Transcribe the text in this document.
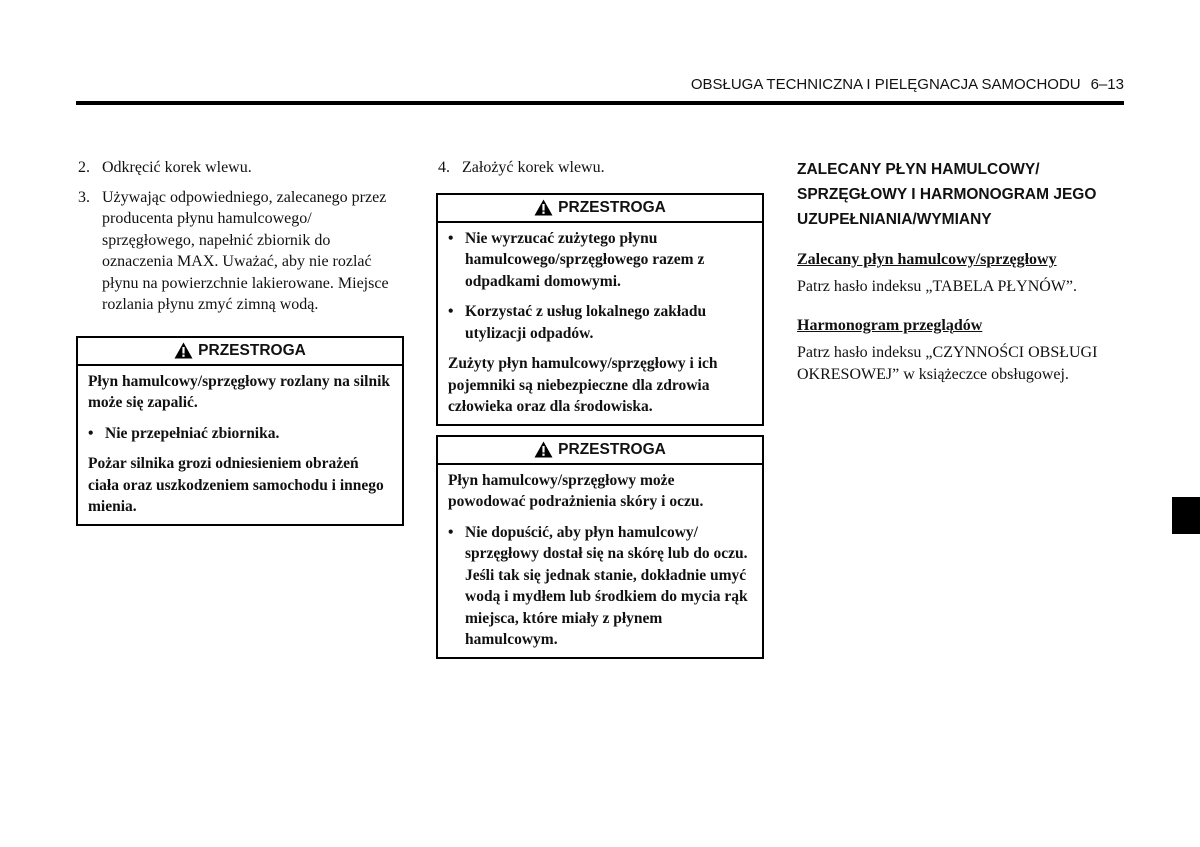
OBSŁUGA TECHNICZNA I PIELĘGNACJA SAMOCHODU 6–13
2. Odkręcić korek wlewu.
3. Używając odpowiedniego, zalecanego przez producenta płynu hamulcowego/ sprzęgłowego, napełnić zbiornik do oznaczenia MAX. Uważać, aby nie rozlać płynu na powierzchnie lakierowane. Miejsce rozlania płynu zmyć zimną wodą.
PRZESTROGA

Płyn hamulcowy/sprzęgłowy rozlany na silnik może się zapalić.

• Nie przepełniać zbiornika.

Pożar silnika grozi odniesieniem obrażeń ciała oraz uszkodzeniem samochodu i innego mienia.

4. Założyć korek wlewu.
PRZESTROGA
• Nie wyrzucać zużytego płynu hamulcowego/sprzęgłowego razem z odpadkami domowymi.
• Korzystać z usług lokalnego zakładu utylizacji odpadów.

Zużyty płyn hamulcowy/sprzęgłowy i ich pojemniki są niebezpieczne dla zdrowia człowieka oraz dla środowiska.

PRZESTROGA

Płyn hamulcowy/sprzęgłowy może powodować podrażnienia skóry i oczu.

• Nie dopuścić, aby płyn hamulcowy/ sprzęgłowy dostał się na skórę lub do oczu. Jeśli tak się jednak stanie, dokładnie umyć wodą i mydłem lub środkiem do mycia rąk miejsca, które miały z płynem hamulcowym.
ZALECANY PŁYN HAMULCOWY/ SPRZĘGŁOWY I HARMONOGRAM JEGO UZUPEŁNIANIA/WYMIANY
Zalecany płyn hamulcowy/sprzęgłowy

Patrz hasło indeksu „TABELA PŁYNÓW”.

Harmonogram przeglądów

Patrz hasło indeksu „CZYNNOŚCI OBSŁUGI OKRESOWEJ” w książeczce obsługowej.
